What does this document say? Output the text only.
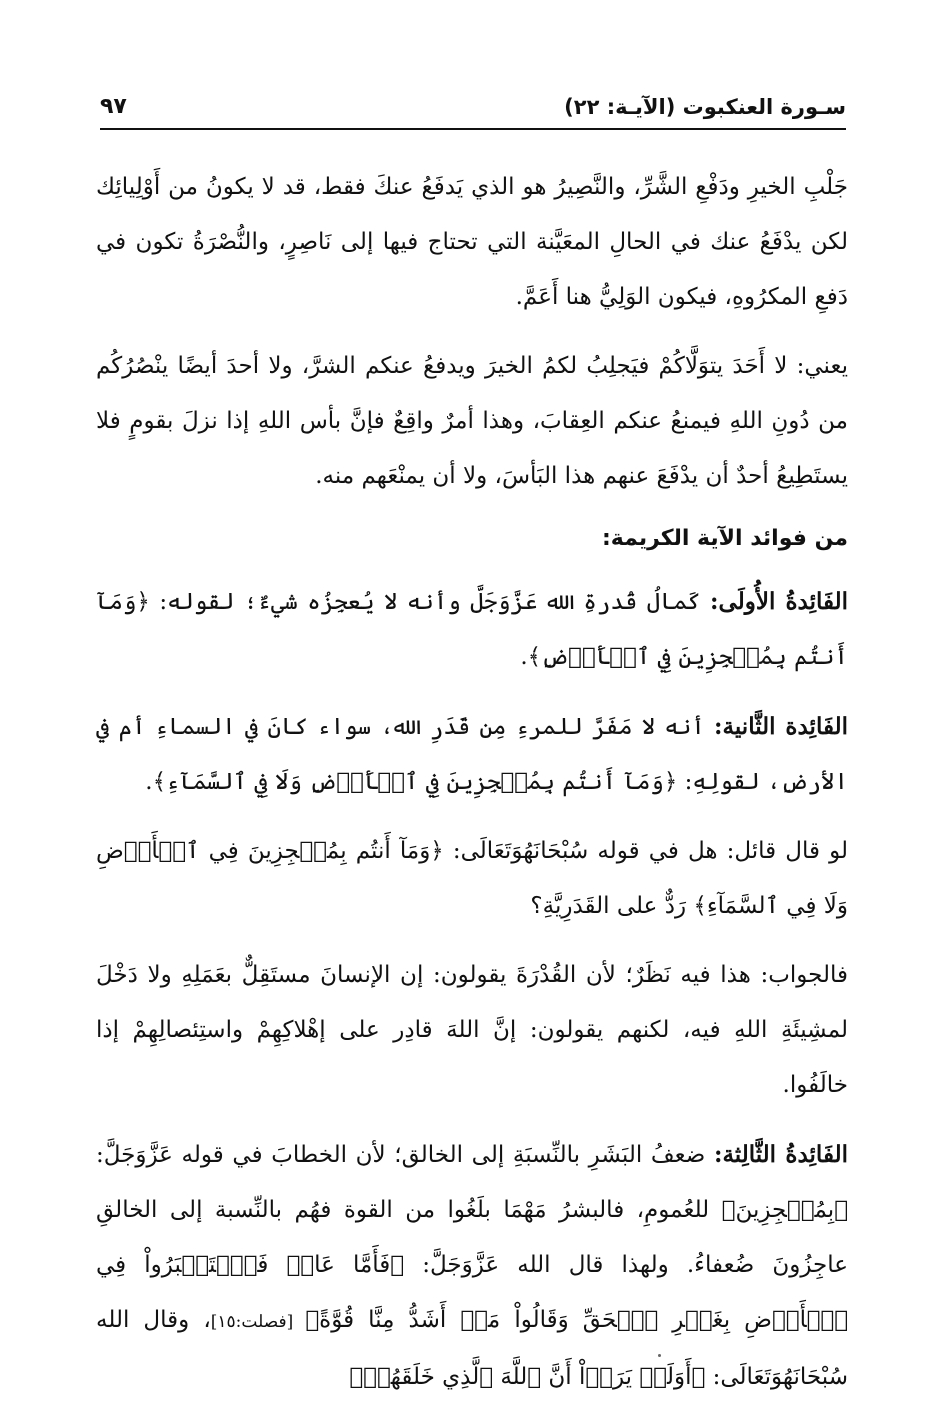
سـورة العنكبوت (الآيـة: ٢٢)
٩٧

جَلْبِ الخيرِ ودَفْعِ الشَّرِّ، والنَّصِيرُ هو الذي يَدفَعُ عنكَ فقط، قد لا يكونُ من أَوْلِيائِك لكن يدْفَعُ عنك في الحالِ المعَيَّنة التي تحتاج فيها إلى نَاصِرٍ، والنُّصْرَةُ تكون في دَفعِ المكرُوهِ، فيكون الوَلِيُّ هنا أَعَمَّ.

يعني: لا أَحَدَ يتوَلَّاكُمْ فيَجلِبُ لكمُ الخيرَ ويدفعُ عنكم الشرَّ، ولا أحدَ أيضًا ينْصُرُكُم من دُونِ اللهِ فيمنعُ عنكم العِقابَ، وهذا أمرٌ واقِعٌ فإنَّ بأس اللهِ إذا نزلَ بقومٍ فلا يستَطِيعُ أحدٌ أن يدْفَعَ عنهم هذا البَأسَ، ولا أن يمنْعَهم منه.

من فوائد الآية الكريمة:

الفَائِدةُ الأُولَى: كَمالُ قُدرةِ الله عَزَّوَجَلَّ وأنه لا يُعجِزُه شيءٌ؛ لقوله: ﴿وَمَآ أَنتُم بِمُعۡجِزِينَ فِي ٱلۡأَرۡضِ﴾.

الفَائِدة الثَّانية: أنه لا مَفَرَّ للمرءِ مِن قَدَرِ الله، سواء كانَ في السماءِ أم في الأرضِ، لقولِهِ: ﴿وَمَآ أَنتُم بِمُعۡجِزِينَ فِي ٱلۡأَرۡضِ وَلَا فِي ٱلسَّمَآءِ﴾.

لو قال قائل: هل في قوله سُبْحَانَهُوَتَعَالَى: ﴿وَمَآ أَنتُم بِمُعۡجِزِينَ فِي ٱلۡأَرۡضِ وَلَا فِي ٱلسَّمَآءِ﴾ رَدٌّ على القَدَرِيَّةِ؟

فالجواب: هذا فيه نَظَرٌ؛ لأن القُدْرَةَ يقولون: إن الإنسانَ مستَقِلٌّ بعَمَلِهِ ولا دَخْلَ لمشِيئَةِ اللهِ فيه، لكنهم يقولون: إنَّ اللهَ قادِر على إهْلاكِهِمْ واستِئصالِهِمْ إذا خالَفُوا.

الفَائِدةُ الثَّالِثة: ضعفُ البَشَرِ بالنِّسبَةِ إلى الخالق؛ لأن الخطابَ في قوله عَزَّوَجَلَّ: ﴿بِمُعۡجِزِينَ﴾ للعُمومِ، فالبشرُ مَهْمَا بلَغُوا من القوة فهُم بالنِّسبة إلى الخالقِ عاجِزُونَ ضُعفاءُ. ولهذا قال الله عَزَّوَجَلَّ: ﴿فَأَمَّا عَادٞ فَٱسۡتَكۡبَرُواْ فِي ٱلۡأَرۡضِ بِغَيۡرِ ٱلۡحَقِّ وَقَالُواْ مَنۡ أَشَدُّ مِنَّا قُوَّةً﴾ [فصلت:١٥]، وقال الله سُبْحَانَهُوَتَعَالَى: ﴿أَوَلَمۡ يَرَوۡاْ أَنَّ ٱللَّهَ ٱلَّذِي خَلَقَهُمۡ﴾
